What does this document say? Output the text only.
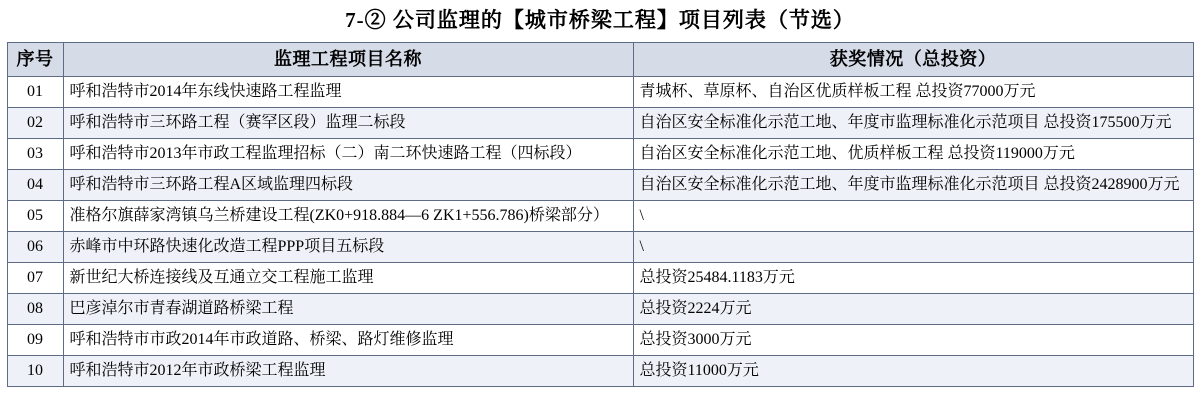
7-② 公司监理的【城市桥梁工程】项目列表（节选）
序号	监理工程项目名称	获奖情况（总投资）
01	呼和浩特市2014年东线快速路工程监理	青城杯、草原杯、自治区优质样板工程 总投资77000万元
02	呼和浩特市三环路工程（赛罕区段）监理二标段	自治区安全标准化示范工地、年度市监理标准化示范项目 总投资175500万元
03	呼和浩特市2013年市政工程监理招标（二）南二环快速路工程（四标段）	自治区安全标准化示范工地、优质样板工程 总投资119000万元
04	呼和浩特市三环路工程A区域监理四标段	自治区安全标准化示范工地、年度市监理标准化示范项目 总投资2428900万元
05	准格尔旗薛家湾镇乌兰桥建设工程(ZK0+918.884—6 ZK1+556.786)桥梁部分）	\
06	赤峰市中环路快速化改造工程PPP项目五标段	\
07	新世纪大桥连接线及互通立交工程施工监理	总投资25484.1183万元
08	巴彦淖尔市青春湖道路桥梁工程	总投资2224万元
09	呼和浩特市市政2014年市政道路、桥梁、路灯维修监理	总投资3000万元
10	呼和浩特市2012年市政桥梁工程监理	总投资11000万元
